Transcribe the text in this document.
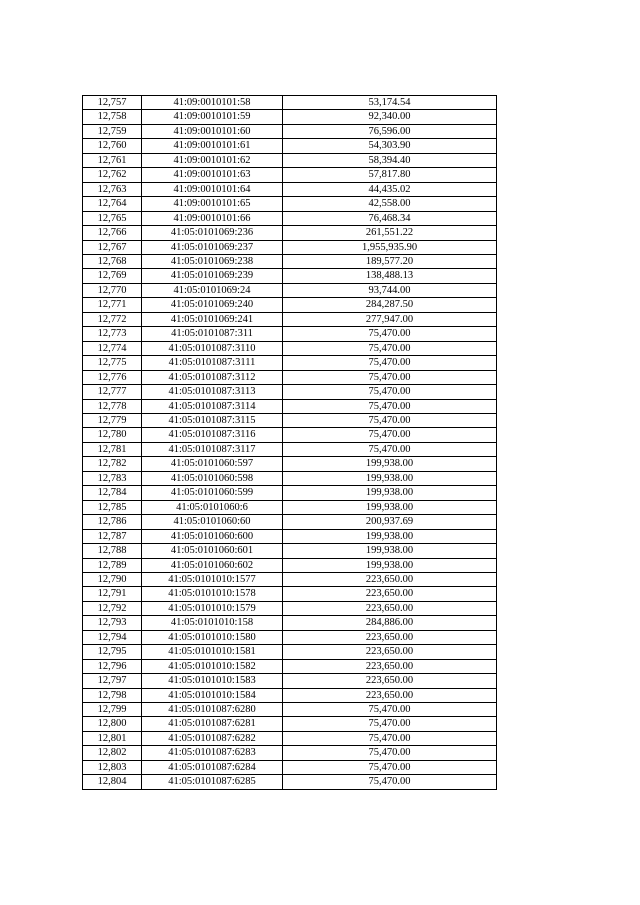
12,757	41:09:0010101:58	53,174.54
12,758	41:09:0010101:59	92,340.00
12,759	41:09:0010101:60	76,596.00
12,760	41:09:0010101:61	54,303.90
12,761	41:09:0010101:62	58,394.40
12,762	41:09:0010101:63	57,817.80
12,763	41:09:0010101:64	44,435.02
12,764	41:09:0010101:65	42,558.00
12,765	41:09:0010101:66	76,468.34
12,766	41:05:0101069:236	261,551.22
12,767	41:05:0101069:237	1,955,935.90
12,768	41:05:0101069:238	189,577.20
12,769	41:05:0101069:239	138,488.13
12,770	41:05:0101069:24	93,744.00
12,771	41:05:0101069:240	284,287.50
12,772	41:05:0101069:241	277,947.00
12,773	41:05:0101087:311	75,470.00
12,774	41:05:0101087:3110	75,470.00
12,775	41:05:0101087:3111	75,470.00
12,776	41:05:0101087:3112	75,470.00
12,777	41:05:0101087:3113	75,470.00
12,778	41:05:0101087:3114	75,470.00
12,779	41:05:0101087:3115	75,470.00
12,780	41:05:0101087:3116	75,470.00
12,781	41:05:0101087:3117	75,470.00
12,782	41:05:0101060:597	199,938.00
12,783	41:05:0101060:598	199,938.00
12,784	41:05:0101060:599	199,938.00
12,785	41:05:0101060:6	199,938.00
12,786	41:05:0101060:60	200,937.69
12,787	41:05:0101060:600	199,938.00
12,788	41:05:0101060:601	199,938.00
12,789	41:05:0101060:602	199,938.00
12,790	41:05:0101010:1577	223,650.00
12,791	41:05:0101010:1578	223,650.00
12,792	41:05:0101010:1579	223,650.00
12,793	41:05:0101010:158	284,886.00
12,794	41:05:0101010:1580	223,650.00
12,795	41:05:0101010:1581	223,650.00
12,796	41:05:0101010:1582	223,650.00
12,797	41:05:0101010:1583	223,650.00
12,798	41:05:0101010:1584	223,650.00
12,799	41:05:0101087:6280	75,470.00
12,800	41:05:0101087:6281	75,470.00
12,801	41:05:0101087:6282	75,470.00
12,802	41:05:0101087:6283	75,470.00
12,803	41:05:0101087:6284	75,470.00
12,804	41:05:0101087:6285	75,470.00
